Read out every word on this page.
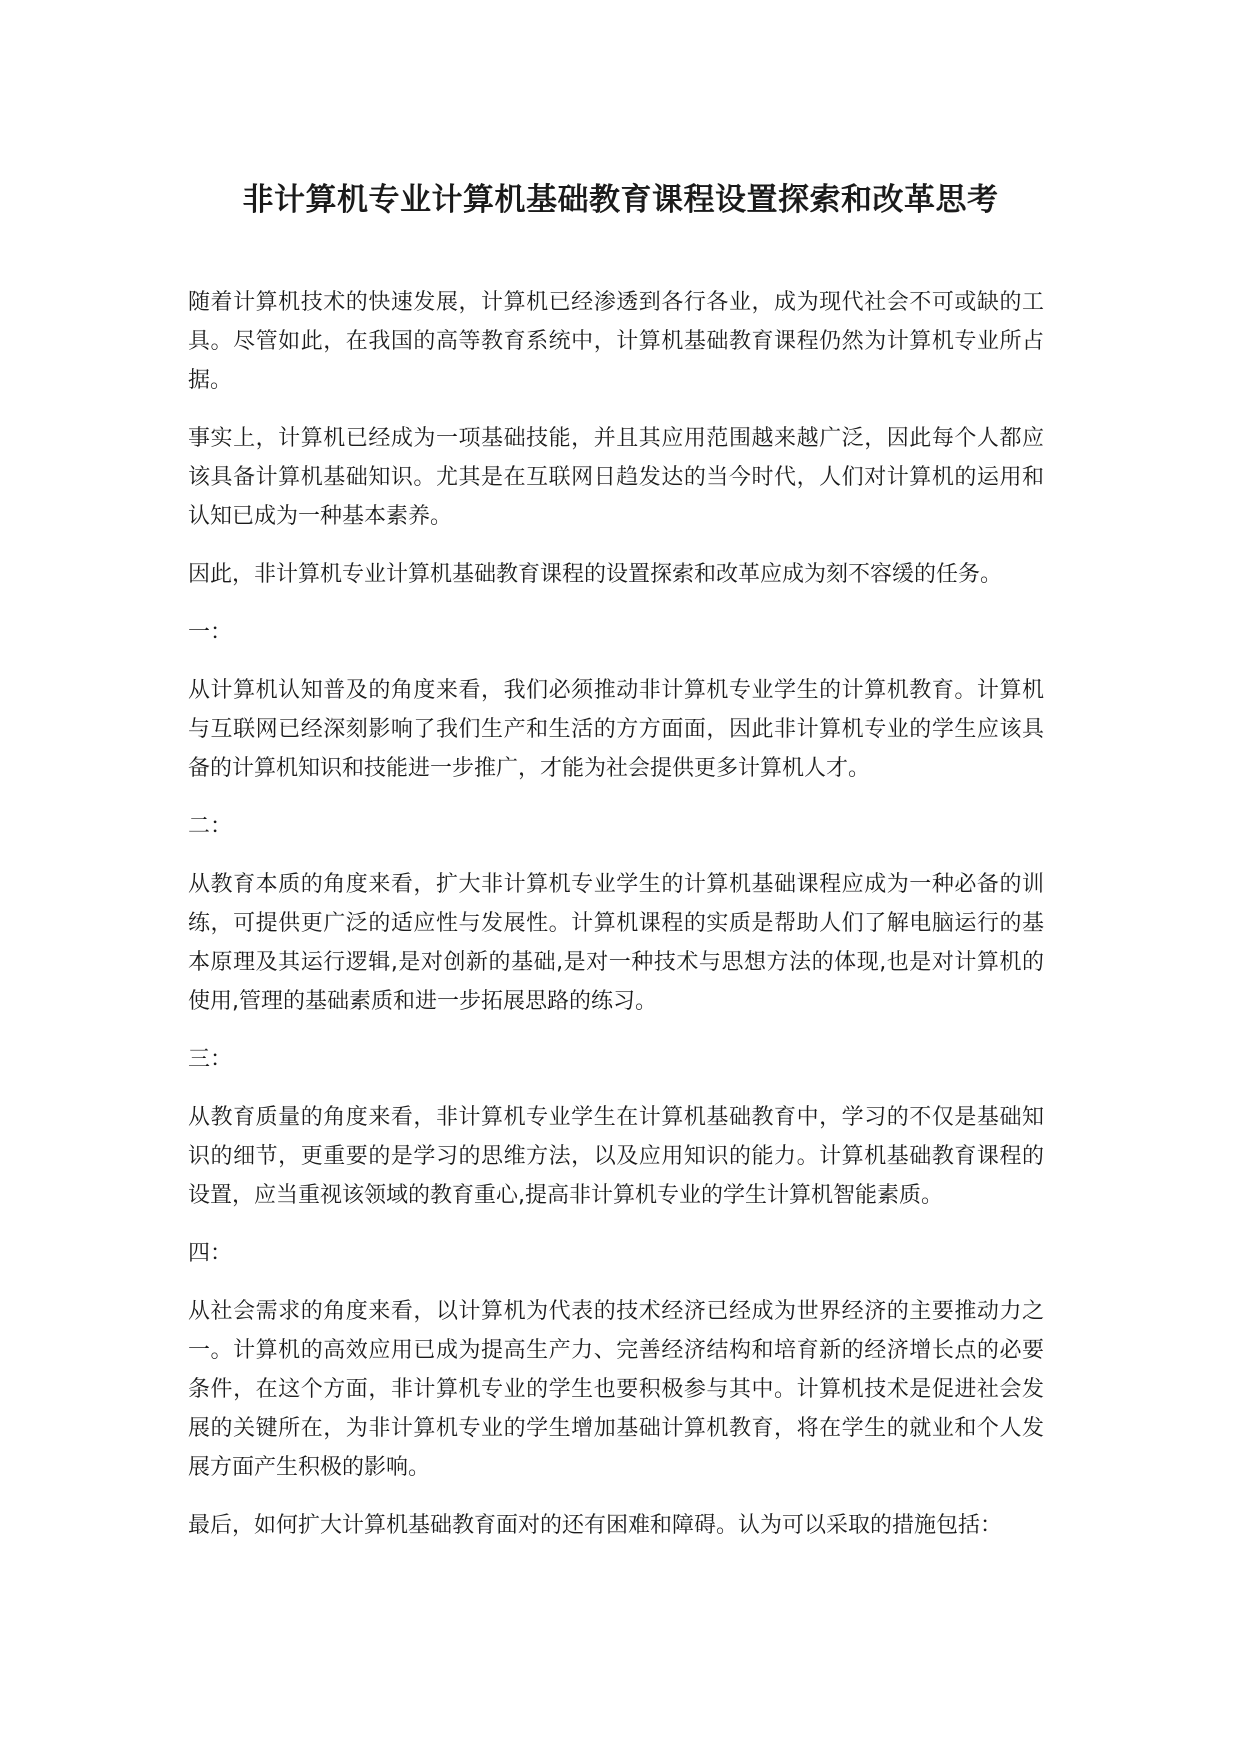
非计算机专业计算机基础教育课程设置探索和改革思考

随着计算机技术的快速发展，计算机已经渗透到各行各业，成为现代社会不可或缺的工具。尽管如此，在我国的高等教育系统中，计算机基础教育课程仍然为计算机专业所占据。

事实上，计算机已经成为一项基础技能，并且其应用范围越来越广泛，因此每个人都应该具备计算机基础知识。尤其是在互联网日趋发达的当今时代，人们对计算机的运用和认知已成为一种基本素养。

因此，非计算机专业计算机基础教育课程的设置探索和改革应成为刻不容缓的任务。

一：

从计算机认知普及的角度来看，我们必须推动非计算机专业学生的计算机教育。计算机与互联网已经深刻影响了我们生产和生活的方方面面，因此非计算机专业的学生应该具备的计算机知识和技能进一步推广，才能为社会提供更多计算机人才。

二：

从教育本质的角度来看，扩大非计算机专业学生的计算机基础课程应成为一种必备的训练，可提供更广泛的适应性与发展性。计算机课程的实质是帮助人们了解电脑运行的基本原理及其运行逻辑,是对创新的基础,是对一种技术与思想方法的体现,也是对计算机的使用,管理的基础素质和进一步拓展思路的练习。

三：

从教育质量的角度来看，非计算机专业学生在计算机基础教育中，学习的不仅是基础知识的细节，更重要的是学习的思维方法，以及应用知识的能力。计算机基础教育课程的设置，应当重视该领域的教育重心,提高非计算机专业的学生计算机智能素质。

四：

从社会需求的角度来看，以计算机为代表的技术经济已经成为世界经济的主要推动力之一。计算机的高效应用已成为提高生产力、完善经济结构和培育新的经济增长点的必要条件，在这个方面，非计算机专业的学生也要积极参与其中。计算机技术是促进社会发展的关键所在，为非计算机专业的学生增加基础计算机教育，将在学生的就业和个人发展方面产生积极的影响。

最后，如何扩大计算机基础教育面对的还有困难和障碍。认为可以采取的措施包括：
